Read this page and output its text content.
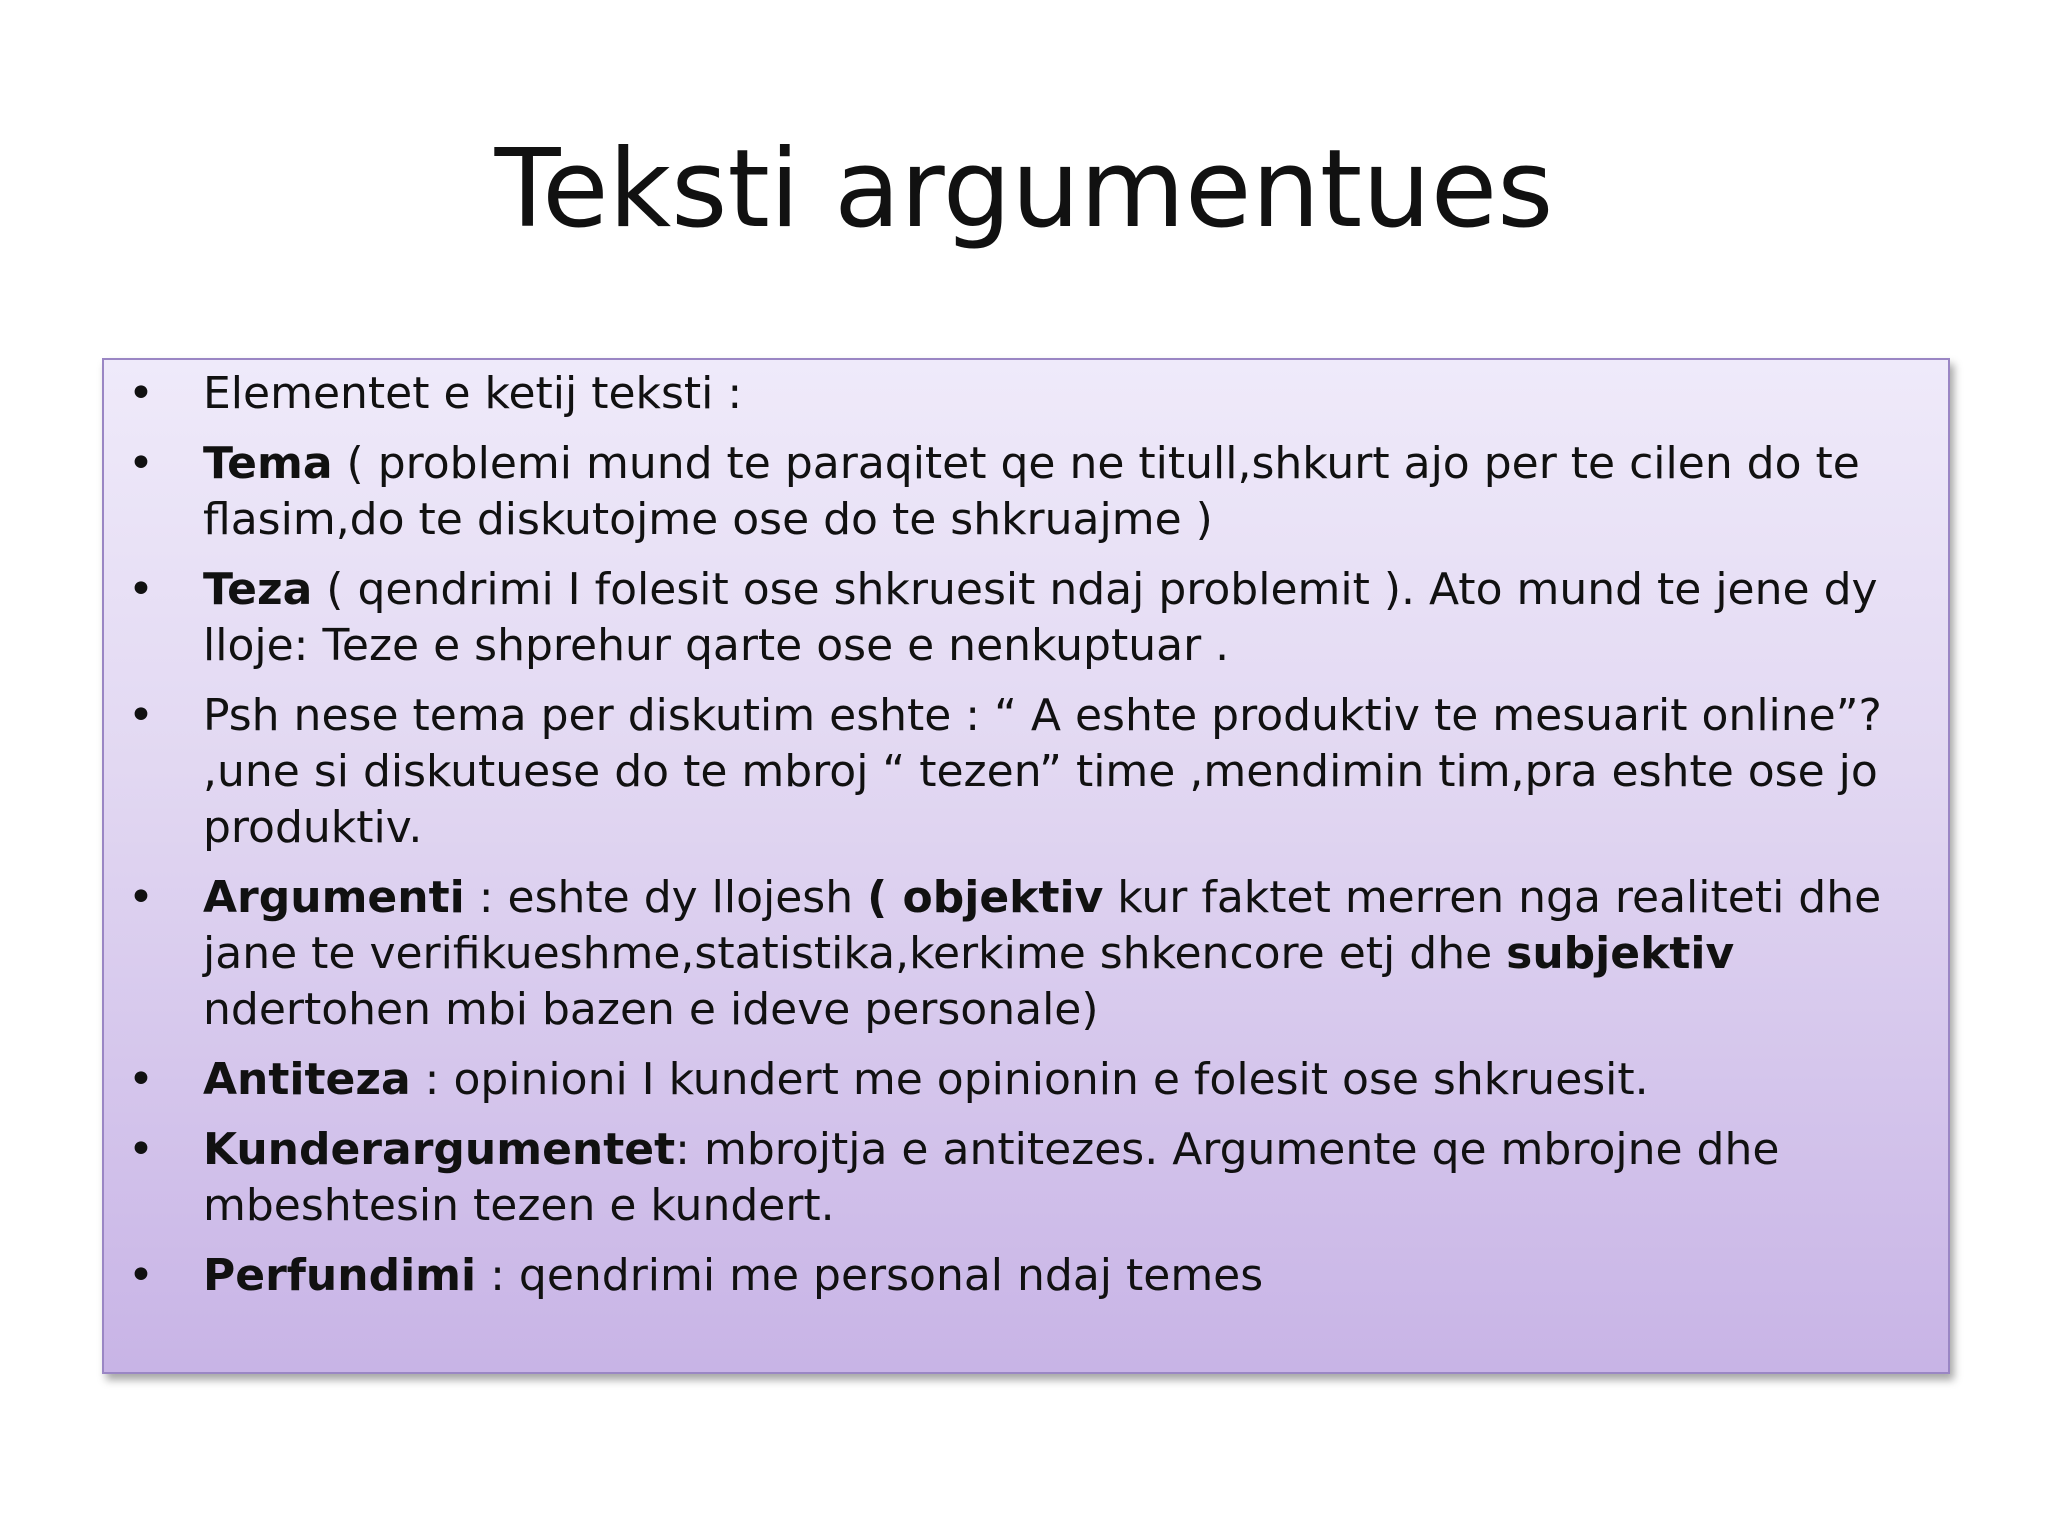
Teksti argumentues
• Elementet e ketij teksti :
• Tema ( problemi mund te paraqitet qe ne titull,shkurt ajo per te cilen do te flasim,do te diskutojme ose do te shkruajme )
• Teza ( qendrimi I folesit ose shkruesit ndaj problemit ). Ato mund te jene dy lloje: Teze e shprehur qarte ose e nenkuptuar .
• Psh nese tema per diskutim eshte : “ A eshte produktiv te mesuarit online”? ,une si diskutuese do te mbroj “ tezen” time ,mendimin tim,pra eshte ose jo produktiv.
• Argumenti : eshte dy llojesh ( objektiv kur faktet merren nga realiteti dhe jane te verifikueshme,statistika,kerkime shkencore etj dhe subjektiv ndertohen mbi bazen e ideve personale)
• Antiteza : opinioni I kundert me opinionin e folesit ose shkruesit.
• Kunderargumentet: mbrojtja e antitezes. Argumente qe mbrojne dhe mbeshtesin tezen e kundert.
• Perfundimi : qendrimi me personal ndaj temes
